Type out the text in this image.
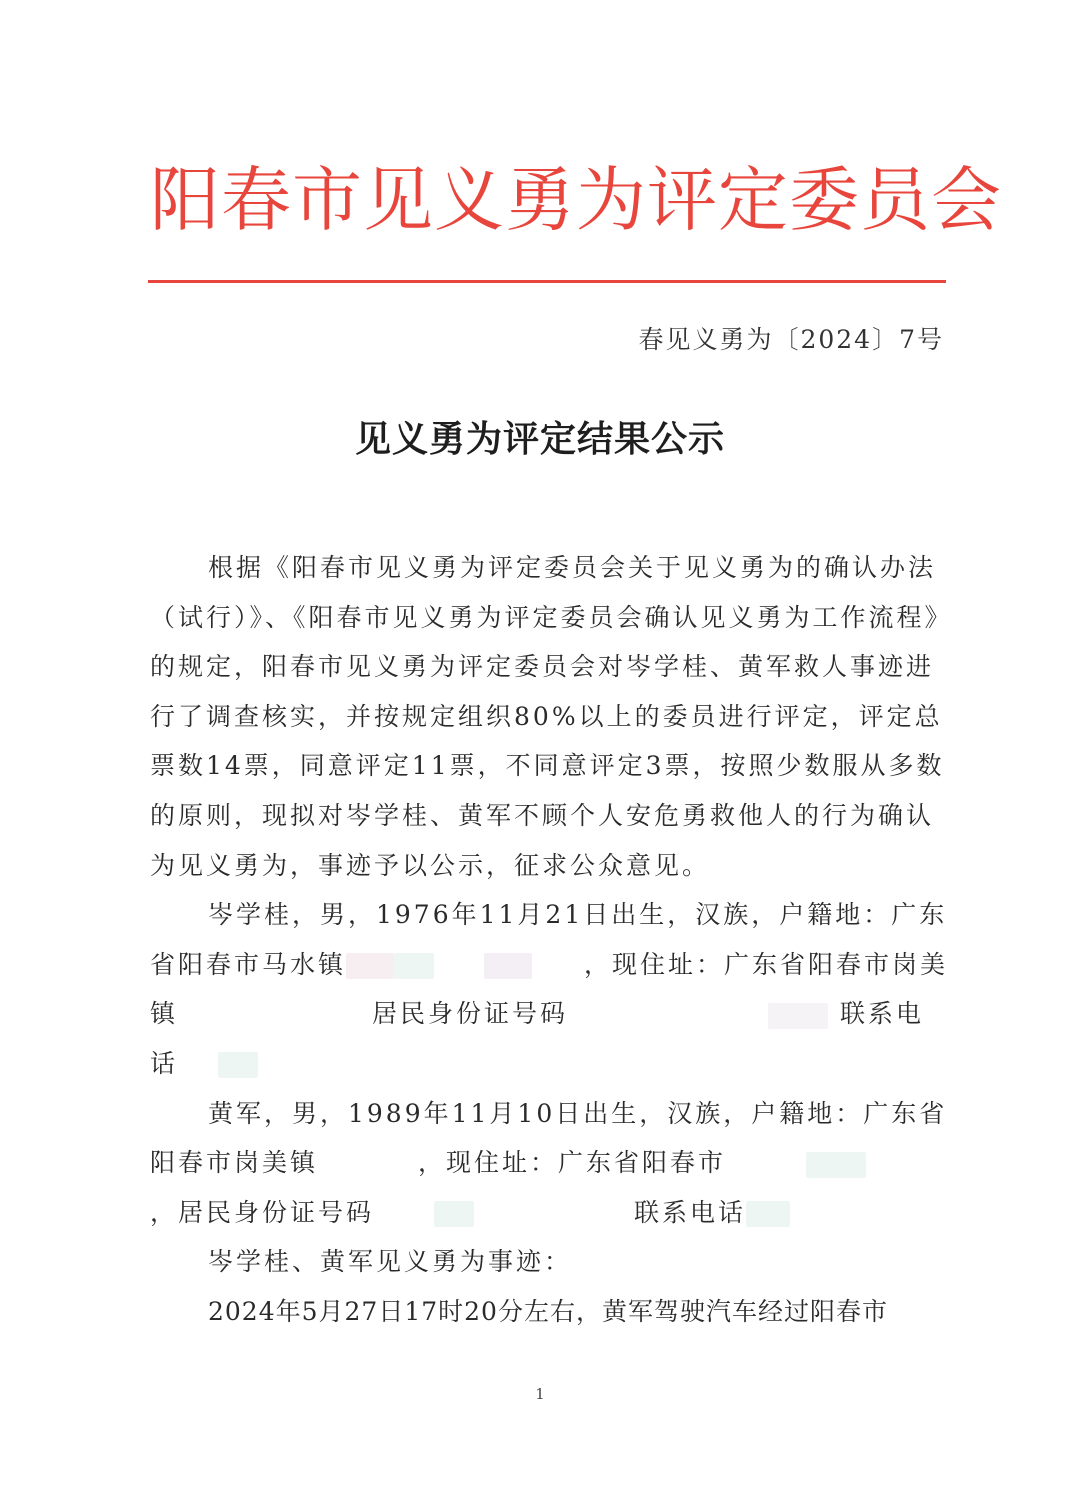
阳春市见义勇为评定委员会
春见义勇为〔2024〕7号
见义勇为评定结果公示

根据《阳春市见义勇为评定委员会关于见义勇为的确认办法（试行）》、《阳春市见义勇为评定委员会确认见义勇为工作流程》的规定，阳春市见义勇为评定委员会对岑学桂、黄军救人事迹进行了调查核实，并按规定组织80%以上的委员进行评定，评定总票数14票，同意评定11票，不同意评定3票，按照少数服从多数的原则，现拟对岑学桂、黄军不顾个人安危勇救他人的行为确认为见义勇为，事迹予以公示，征求公众意见。

岑学桂，男，1976年11月21日出生，汉族，户籍地：广东省阳春市马水镇	，现住址：广东省阳春市岗美镇	居民身份证号码	联系电话

黄军，男，1989年11月10日出生，汉族，户籍地：广东省阳春市岗美镇	，现住址：广东省阳春市，居民身份证号码	联系电话

岑学桂、黄军见义勇为事迹：

2024年5月27日17时20分左右，黄军驾驶汽车经过阳春市

1
